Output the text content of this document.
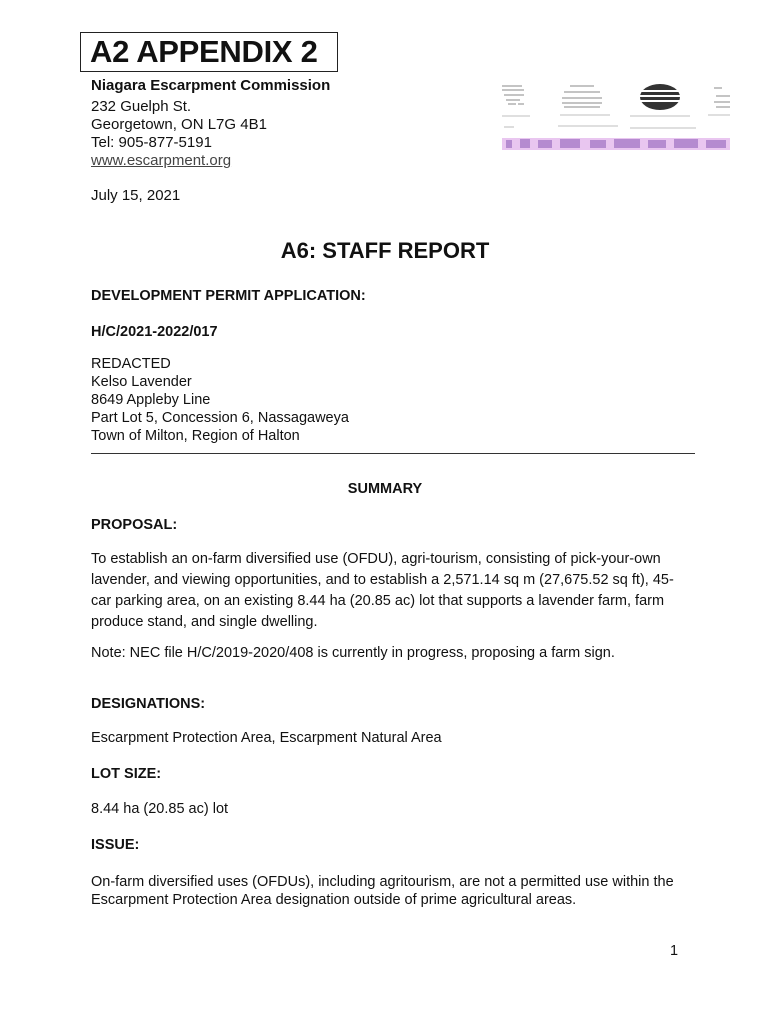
A2 APPENDIX 2
Niagara Escarpment Commission
232 Guelph St.
Georgetown, ON L7G 4B1
Tel: 905-877-5191
www.escarpment.org
July 15, 2021
A6: STAFF REPORT
DEVELOPMENT PERMIT APPLICATION:
H/C/2021-2022/017
REDACTED
Kelso Lavender
8649 Appleby Line
Part Lot 5, Concession 6, Nassagaweya
Town of Milton, Region of Halton
SUMMARY
PROPOSAL:
To establish an on-farm diversified use (OFDU), agri-tourism, consisting of pick-your-own lavender, and viewing opportunities, and to establish a 2,571.14 sq m (27,675.52 sq ft), 45-car parking area, on an existing 8.44 ha (20.85 ac) lot that supports a lavender farm, farm produce stand, and single dwelling.
Note: NEC file H/C/2019-2020/408 is currently in progress, proposing a farm sign.
DESIGNATIONS:
Escarpment Protection Area, Escarpment Natural Area
LOT SIZE:
8.44 ha (20.85 ac) lot
ISSUE:
On-farm diversified uses (OFDUs), including agritourism, are not a permitted use within the Escarpment Protection Area designation outside of prime agricultural areas.
1
